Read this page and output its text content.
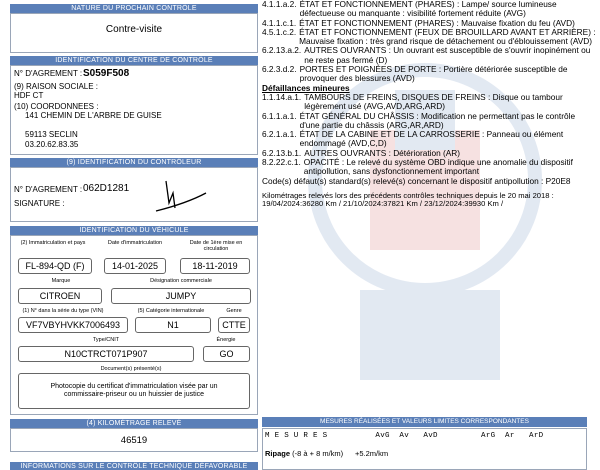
NATURE DU PROCHAIN CONTRÔLE
Contre-visite
IDENTIFICATION DU CENTRE DE CONTRÔLE
N° D'AGREMENT : S059F508
(9) RAISON SOCIALE :
HDF CT
(10) COORDONNEES :
141 CHEMIN DE L'ARBRE DE GUISE
59113 SECLIN
03.20.62.83.35
(9) IDENTIFICATION DU CONTRÔLEUR
N° D'AGREMENT : 062D1281
SIGNATURE :
IDENTIFICATION DU VÉHICULE
(2) Immatriculation et pays
FL-894-QD (F)
Date d'immatriculation
14-01-2025
Date de 1ère mise en circulation
18-11-2019
Marque
CITROEN
Désignation commerciale
JUMPY
(1) N° dans la série du type (VIN)
VF7VBYHVKK7006493
(5) Catégorie internationale
N1
Genre
CTTE
Type/CNIT
N10CTRCT071P907
Énergie
GO
Document(s) présenté(s)
Photocopie du certificat d'immatriculation visée par un
commissaire-priseur ou un huissier de justice
(4) KILOMÉTRAGE RELEVÉ
46519
INFORMATIONS SUR LE CONTRÔLE TECHNIQUE DÉFAVORABLE
4.1.1.a.2. ÉTAT ET FONCTIONNEMENT (PHARES) : Lampe/ source lumineuse défectueuse ou manquante : visibilité fortement réduite (AVG)
4.1.1.c.1. ÉTAT ET FONCTIONNEMENT (PHARES) : Mauvaise fixation du feu (AVD)
4.5.1.c.2. ÉTAT ET FONCTIONNEMENT (FEUX DE BROUILLARD AVANT ET ARRIÈRE) : Mauvaise fixation : très grand risque de détachement ou d'éblouissement (AVD)
6.2.13.a.2. AUTRES OUVRANTS : Un ouvrant est susceptible de s'ouvrir inopinément ou ne reste pas fermé (D)
6.2.3.d.2. PORTES ET POIGNÉES DE PORTE : Portière détériorée susceptible de provoquer des blessures (AVD)
Défaillances mineures
1.1.14.a.1. TAMBOURS DE FREINS, DISQUES DE FREINS : Disque ou tambour légèrement usé (AVG,AVD,ARG,ARD)
6.1.1.a.1. ÉTAT GÉNÉRAL DU CHÂSSIS : Modification ne permettant pas le contrôle d'une partie du châssis (ARG,AR,ARD)
6.2.1.a.1. ÉTAT DE LA CABINE ET DE LA CARROSSERIE : Panneau ou élément endommagé (AVD,C,D)
6.2.13.b.1. AUTRES OUVRANTS : Détérioration (AR)
8.2.22.c.1. OPACITÉ : Le relevé du système OBD indique une anomalie du dispositif antipollution, sans dysfonctionnement important
Code(s) défaut(s) standard(s) relevé(s) concernant le dispositif antipollution : P20E8
Kilométrages relevés lors des précédents contrôles techniques depuis le 20 mai 2018 : 19/04/2024:36280 Km / 21/10/2024:37821 Km / 23/12/2024:39930 Km /
MESURES RÉALISÉES ET VALEURS LIMITES CORRESPONDANTES
M E S U R E S          AvG  Av   AvD         ArG  Ar   ArD
Ripage (-8 à + 8 m/km) +5.2m/km
